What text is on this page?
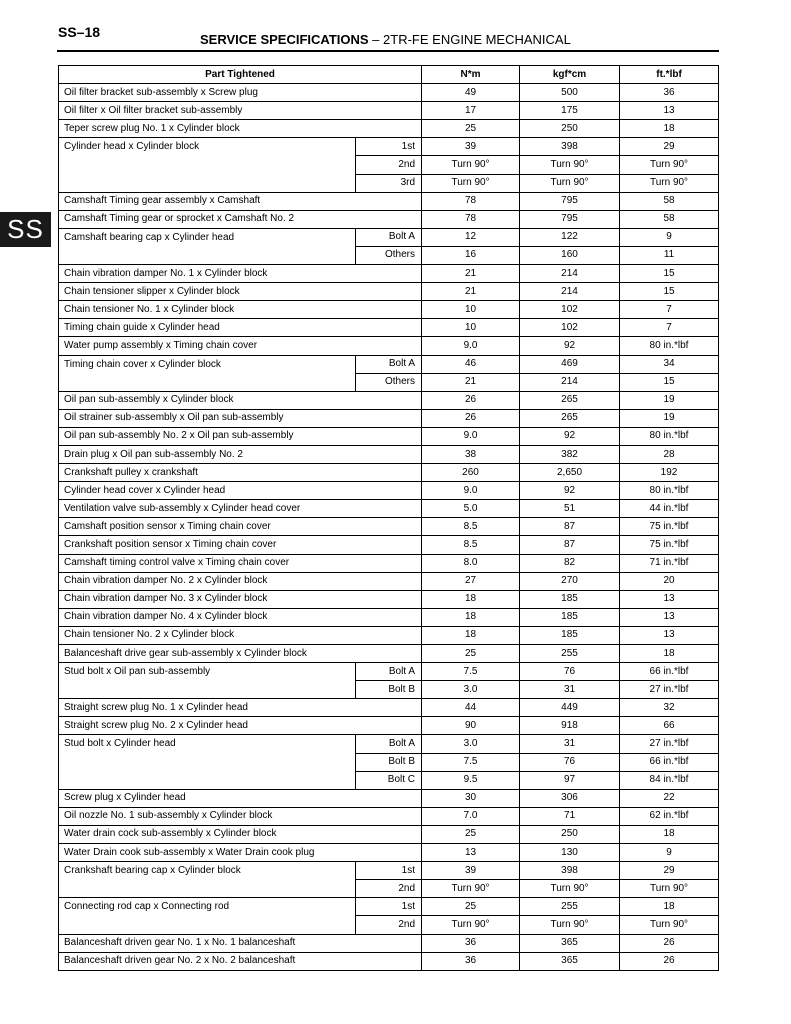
SS–18	SERVICE SPECIFICATIONS – 2TR-FE ENGINE MECHANICAL
SS
Part Tightened		N*m	kgf*cm	ft.*lbf
Oil filter bracket sub-assembly x Screw plug		49	500	36
Oil filter x Oil filter bracket sub-assembly		17	175	13
Teper screw plug No. 1 x Cylinder block		25	250	18
Cylinder head x Cylinder block	1st	39	398	29
	2nd	Turn 90°	Turn 90°	Turn 90°
	3rd	Turn 90°	Turn 90°	Turn 90°
Camshaft Timing gear assembly x Camshaft		78	795	58
Camshaft Timing gear or sprocket x Camshaft No. 2		78	795	58
Camshaft bearing cap x Cylinder head	Bolt A	12	122	9
	Others	16	160	11
Chain vibration damper No. 1 x Cylinder block		21	214	15
Chain tensioner slipper x Cylinder block		21	214	15
Chain tensioner No. 1 x Cylinder block		10	102	7
Timing chain guide x Cylinder head		10	102	7
Water pump assembly x Timing chain cover		9.0	92	80 in.*lbf
Timing chain cover x Cylinder block	Bolt A	46	469	34
	Others	21	214	15
Oil pan sub-assembly x Cylinder block		26	265	19
Oil strainer sub-assembly x Oil pan sub-assembly		26	265	19
Oil pan sub-assembly No. 2 x Oil pan sub-assembly		9.0	92	80 in.*lbf
Drain plug x Oil pan sub-assembly No. 2		38	382	28
Crankshaft pulley x crankshaft		260	2,650	192
Cylinder head cover x Cylinder head		9.0	92	80 in.*lbf
Ventilation valve sub-assembly x Cylinder head cover		5.0	51	44 in.*lbf
Camshaft position sensor x Timing chain cover		8.5	87	75 in.*lbf
Crankshaft position sensor x Timing chain cover		8.5	87	75 in.*lbf
Camshaft timing control valve x Timing chain cover		8.0	82	71 in.*lbf
Chain vibration damper No. 2 x Cylinder block		27	270	20
Chain vibration damper No. 3 x Cylinder block		18	185	13
Chain vibration damper No. 4 x Cylinder block		18	185	13
Chain tensioner No. 2 x Cylinder block		18	185	13
Balanceshaft drive gear sub-assembly x Cylinder block		25	255	18
Stud bolt x Oil pan sub-assembly	Bolt A	7.5	76	66 in.*lbf
	Bolt B	3.0	31	27 in.*lbf
Straight screw plug No. 1 x Cylinder head		44	449	32
Straight screw plug No. 2 x Cylinder head		90	918	66
Stud bolt x Cylinder head	Bolt A	3.0	31	27 in.*lbf
	Bolt B	7.5	76	66 in.*lbf
	Bolt C	9.5	97	84 in.*lbf
Screw plug x Cylinder head		30	306	22
Oil nozzle No. 1 sub-assembly x Cylinder block		7.0	71	62 in.*lbf
Water drain cock sub-assembly x Cylinder block		25	250	18
Water Drain cook sub-assembly x Water Drain cook plug		13	130	9
Crankshaft bearing cap x Cylinder block	1st	39	398	29
	2nd	Turn 90°	Turn 90°	Turn 90°
Connecting rod cap x Connecting rod	1st	25	255	18
	2nd	Turn 90°	Turn 90°	Turn 90°
Balanceshaft driven gear No. 1 x No. 1 balanceshaft		36	365	26
Balanceshaft driven gear No. 2 x No. 2 balanceshaft		36	365	26
